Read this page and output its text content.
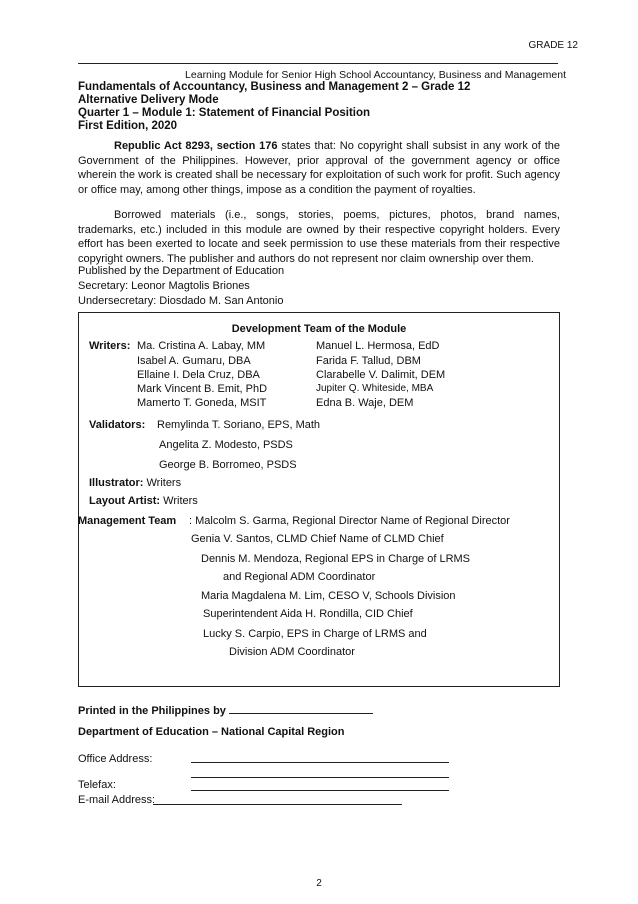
GRADE 12
Learning Module for Senior High School Accountancy, Business and Management
Fundamentals of Accountancy, Business and Management 2 – Grade 12
Alternative Delivery Mode
Quarter 1 – Module 1: Statement of Financial Position
First Edition, 2020
Republic Act 8293, section 176 states that: No copyright shall subsist in any work of the Government of the Philippines. However, prior approval of the government agency or office wherein the work is created shall be necessary for exploitation of such work for profit. Such agency or office may, among other things, impose as a condition the payment of royalties.
Borrowed materials (i.e., songs, stories, poems, pictures, photos, brand names, trademarks, etc.) included in this module are owned by their respective copyright holders. Every effort has been exerted to locate and seek permission to use these materials from their respective copyright owners. The publisher and authors do not represent nor claim ownership over them.
Published by the Department of Education
Secretary: Leonor Magtolis Briones
Undersecretary: Diosdado M. San Antonio
Development Team of the Module
Writers: Ma. Cristina A. Labay, MM
Isabel A. Gumaru, DBA
Ellaine I. Dela Cruz, DBA
Mark Vincent B. Emit, PhD
Mamerto T. Goneda, MSIT
Manuel L. Hermosa, EdD
Farida F. Tallud, DBM
Clarabelle V. Dalimit, DEM
Jupiter Q. Whiteside, MBA
Edna B. Waje, DEM
Validators: Remylinda T. Soriano, EPS, Math
Angelita Z. Modesto, PSDS
George B. Borromeo, PSDS
Illustrator: Writers
Layout Artist: Writers
Management Team : Malcolm S. Garma, Regional Director Name of Regional Director
Genia V. Santos, CLMD Chief Name of CLMD Chief
Dennis M. Mendoza, Regional EPS in Charge of LRMS
and Regional ADM Coordinator
Maria Magdalena M. Lim, CESO V, Schools Division
Superintendent Aida H. Rondilla, CID Chief
Lucky S. Carpio, EPS in Charge of LRMS and
Division ADM Coordinator
Printed in the Philippines by
Department of Education – National Capital Region
Office Address:
Telefax:
E-mail Address:
2
